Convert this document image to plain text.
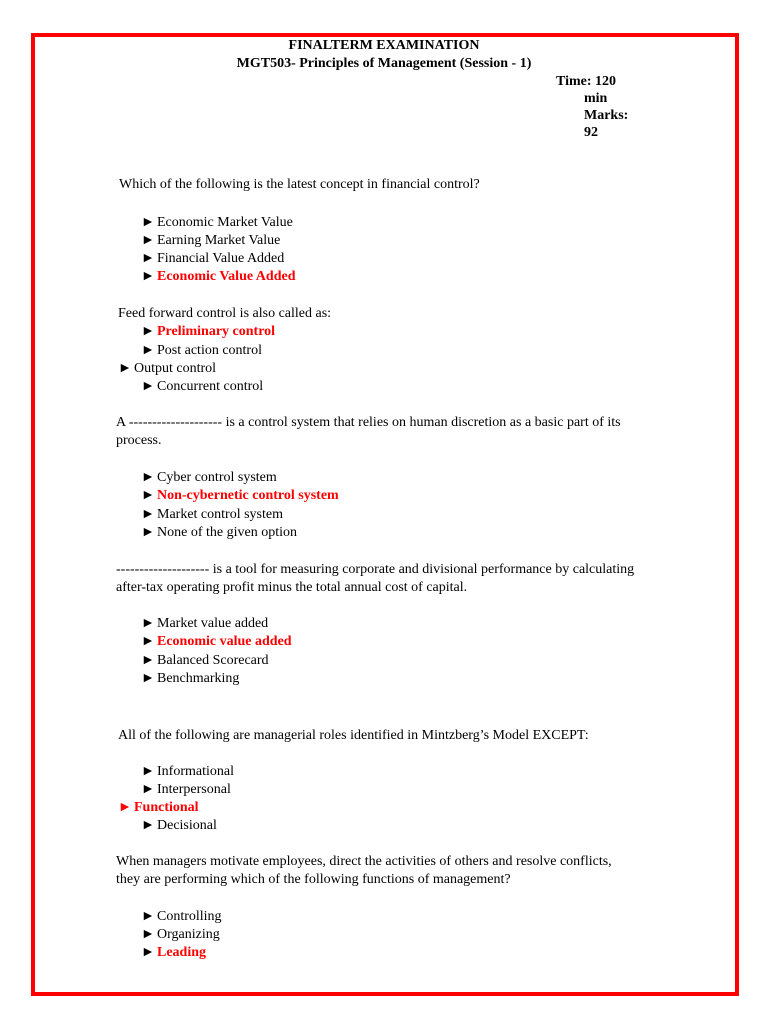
FINALTERM EXAMINATION
MGT503- Principles of Management (Session - 1)
Time: 120
min
Marks:
92
Which of the following is the latest concept in financial control?
► Economic Market Value
► Earning Market Value
► Financial Value Added
► Economic Value Added
Feed forward control is also called as:
► Preliminary control
► Post action control
► Output control
► Concurrent control
A -------------------- is a control system that relies on human discretion as a basic part of its process.
► Cyber control system
► Non-cybernetic control system
► Market control system
► None of the given option
-------------------- is a tool for measuring corporate and divisional performance by calculating after-tax operating profit minus the total annual cost of capital.
► Market value added
► Economic value added
► Balanced Scorecard
► Benchmarking
All of the following are managerial roles identified in Mintzberg’s Model EXCEPT:
► Informational
► Interpersonal
► Functional
► Decisional
When managers motivate employees, direct the activities of others and resolve conflicts, they are performing which of the following functions of management?
► Controlling
► Organizing
► Leading
